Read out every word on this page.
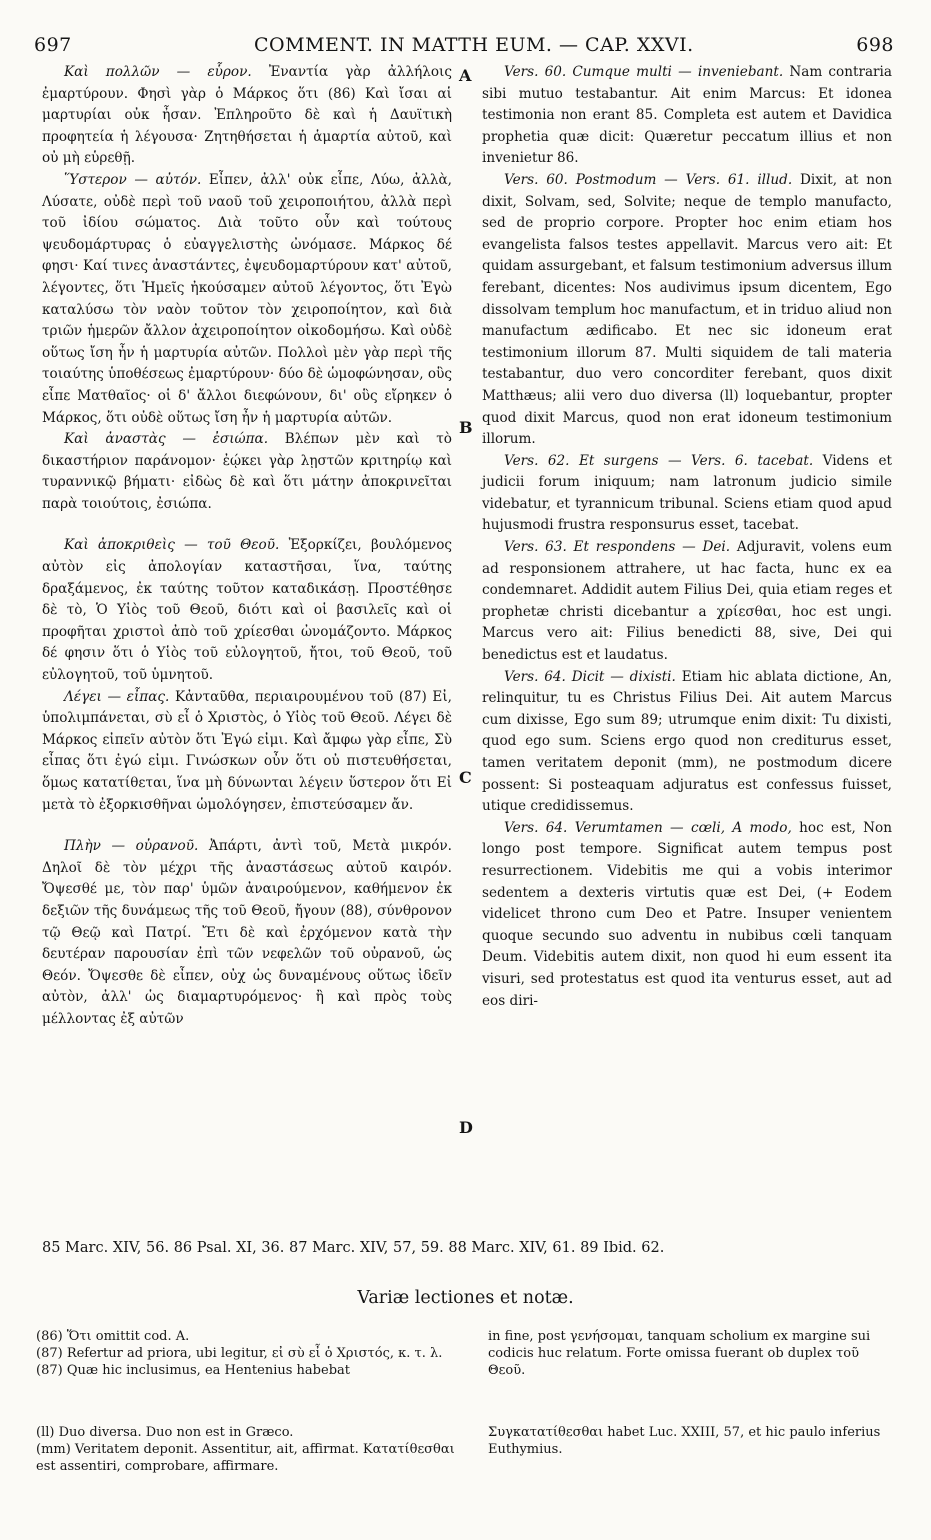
697	COMMENT. IN MATTH EUM. — CAP. XXVI.	698
A
B
C
D

Καὶ πολλῶν — εὗρον. Ἐναντία γὰρ ἀλλήλοις ἐμαρτύρουν. Φησὶ γὰρ ὁ Μάρκος ὅτι (86) Καὶ ἴσαι αἱ μαρτυρίαι οὐκ ἦσαν. Ἐπληροῦτο δὲ καὶ ἡ Δαυϊτικὴ προφητεία ἡ λέγουσα· Ζητηθήσεται ἡ ἁμαρτία αὐτοῦ, καὶ οὐ μὴ εὑρεθῇ.

Ὕστερον — αὐτόν. Εἶπεν, ἀλλ' οὐκ εἶπε, Λύω, ἀλλὰ, Λύσατε, οὐδὲ περὶ τοῦ ναοῦ τοῦ χειροποιήτου, ἀλλὰ περὶ τοῦ ἰδίου σώματος. Διὰ τοῦτο οὖν καὶ τούτους ψευδομάρτυρας ὁ εὐαγγελιστὴς ὠνόμασε. Μάρκος δέ φησι· Καί τινες ἀναστάντες, ἐψευδομαρτύρουν κατ' αὐτοῦ, λέγοντες, ὅτι Ἡμεῖς ἠκούσαμεν αὐτοῦ λέγοντος, ὅτι Ἐγὼ καταλύσω τὸν ναὸν τοῦτον τὸν χειροποίητον, καὶ διὰ τριῶν ἡμερῶν ἄλλον ἀχειροποίητον οἰκοδομήσω. Καὶ οὐδὲ οὕτως ἴση ἦν ἡ μαρτυρία αὐτῶν. Πολλοὶ μὲν γὰρ περὶ τῆς τοιαύτης ὑποθέσεως ἐμαρτύρουν· δύο δὲ ὡμοφώνησαν, οὓς εἶπε Ματθαῖος· οἱ δ' ἄλλοι διεφώνουν, δι' οὓς εἴρηκεν ὁ Μάρκος, ὅτι οὐδὲ οὕτως ἴση ἦν ἡ μαρτυρία αὐτῶν.

Καὶ ἀναστὰς — ἐσιώπα. Βλέπων μὲν καὶ τὸ δικαστήριον παράνομον· ἐῴκει γὰρ λῃστῶν κριτηρίῳ καὶ τυραννικῷ βήματι· εἰδὼς δὲ καὶ ὅτι μάτην ἀποκρινεῖται παρὰ τοιούτοις, ἐσιώπα.

Καὶ ἀποκριθεὶς — τοῦ Θεοῦ. Ἐξορκίζει, βουλόμενος αὐτὸν εἰς ἀπολογίαν καταστῆσαι, ἵνα, ταύτης δραξάμενος, ἐκ ταύτης τοῦτον καταδικάσῃ. Προστέθησε δὲ τὸ, Ὁ Υἱὸς τοῦ Θεοῦ, διότι καὶ οἱ βασιλεῖς καὶ οἱ προφῆται χριστοὶ ἀπὸ τοῦ χρίεσθαι ὠνομάζοντο. Μάρκος δέ φησιν ὅτι ὁ Υἱὸς τοῦ εὐλογητοῦ, ἤτοι, τοῦ Θεοῦ, τοῦ εὐλογητοῦ, τοῦ ὑμνητοῦ.

Λέγει — εἶπας. Κἀνταῦθα, περιαιρουμένου τοῦ (87) Εἰ, ὑπολιμπάνεται, σὺ εἶ ὁ Χριστὸς, ὁ Υἱὸς τοῦ Θεοῦ. Λέγει δὲ Μάρκος εἰπεῖν αὐτὸν ὅτι Ἐγώ εἰμι. Καὶ ἄμφω γὰρ εἶπε, Σὺ εἶπας ὅτι ἐγώ εἰμι. Γινώσκων οὖν ὅτι οὐ πιστευθήσεται, ὅμως κατατίθεται, ἵνα μὴ δύνωνται λέγειν ὕστερον ὅτι Εἰ μετὰ τὸ ἐξορκισθῆναι ὡμολόγησεν, ἐπιστεύσαμεν ἄν.

Πλὴν — οὐρανοῦ. Ἀπάρτι, ἀντὶ τοῦ, Μετὰ μικρόν. Δηλοῖ δὲ τὸν μέχρι τῆς ἀναστάσεως αὐτοῦ καιρόν. Ὄψεσθέ με, τὸν παρ' ὑμῶν ἀναιρούμενον, καθήμενον ἐκ δεξιῶν τῆς δυνάμεως τῆς τοῦ Θεοῦ, ἤγουν (88), σύνθρονον τῷ Θεῷ καὶ Πατρί. Ἔτι δὲ καὶ ἐρχόμενον κατὰ τὴν δευτέραν παρουσίαν ἐπὶ τῶν νεφελῶν τοῦ οὐρανοῦ, ὡς Θεόν. Ὄψεσθε δὲ εἶπεν, οὐχ ὡς δυναμένους οὕτως ἰδεῖν αὐτὸν, ἀλλ' ὡς διαμαρτυρόμενος· ἢ καὶ πρὸς τοὺς μέλλοντας ἐξ αὐτῶν

Vers. 60. Cumque multi — inveniebant. Nam contraria sibi mutuo testabantur. Ait enim Marcus: Et idonea testimonia non erant 85. Completa est autem et Davidica prophetia quæ dicit: Quæretur peccatum illius et non invenietur 86.

Vers. 60. Postmodum — Vers. 61. illud. Dixit, at non dixit, Solvam, sed, Solvite; neque de templo manufacto, sed de proprio corpore. Propter hoc enim etiam hos evangelista falsos testes appellavit. Marcus vero ait: Et quidam assurgebant, et falsum testimonium adversus illum ferebant, dicentes: Nos audivimus ipsum dicentem, Ego dissolvam templum hoc manufactum, et in triduo aliud non manufactum ædificabo. Et nec sic idoneum erat testimonium illorum 87. Multi siquidem de tali materia testabantur, duo vero concorditer ferebant, quos dixit Matthæus; alii vero duo diversa (ll) loquebantur, propter quod dixit Marcus, quod non erat idoneum testimonium illorum.

Vers. 62. Et surgens — Vers. 6. tacebat. Videns et judicii forum iniquum; nam latronum judicio simile videbatur, et tyrannicum tribunal. Sciens etiam quod apud hujusmodi frustra responsurus esset, tacebat.

Vers. 63. Et respondens — Dei. Adjuravit, volens eum ad responsionem attrahere, ut hac facta, hunc ex ea condemnaret. Addidit autem Filius Dei, quia etiam reges et prophetæ christi dicebantur a χρίεσθαι, hoc est ungi. Marcus vero ait: Filius benedicti 88, sive, Dei qui benedictus est et laudatus.

Vers. 64. Dicit — dixisti. Etiam hic ablata dictione, An, relinquitur, tu es Christus Filius Dei. Ait autem Marcus cum dixisse, Ego sum 89; utrumque enim dixit: Tu dixisti, quod ego sum. Sciens ergo quod non crediturus esset, tamen veritatem deponit (mm), ne postmodum dicere possent: Si posteaquam adjuratus est confessus fuisset, utique credidissemus.

Vers. 64. Verumtamen — cœli, A modo, hoc est, Non longo post tempore. Significat autem tempus post resurrectionem. Videbitis me qui a vobis interimor sedentem a dexteris virtutis quæ est Dei, (+ Eodem videlicet throno cum Deo et Patre. Insuper venientem quoque secundo suo adventu in nubibus cœli tanquam Deum. Videbitis autem dixit, non quod hi eum essent ita visuri, sed protestatus est quod ita venturus esset, aut ad eos diri-

85 Marc. XIV, 56. 86 Psal. XI, 36. 87 Marc. XIV, 57, 59. 88 Marc. XIV, 61. 89 Ibid. 62.
Variæ lectiones et notæ.

(86) Ὅτι omittit cod. A.

(87) Refertur ad priora, ubi legitur, εἰ σὺ εἶ ὁ Χριστός, κ. τ. λ.

(87) Quæ hic inclusimus, ea Hentenius habebat

in fine, post γενήσομαι, tanquam scholium ex margine sui codicis huc relatum. Forte omissa fuerant ob duplex τοῦ Θεοῦ.

(ll) Duo diversa. Duo non est in Græco.

(mm) Veritatem deponit. Assentitur, ait, affirmat. Κατατίθεσθαι est assentiri, comprobare, affirmare.

Συγκατατίθεσθαι habet Luc. XXIII, 57, et hic paulo inferius Euthymius.
